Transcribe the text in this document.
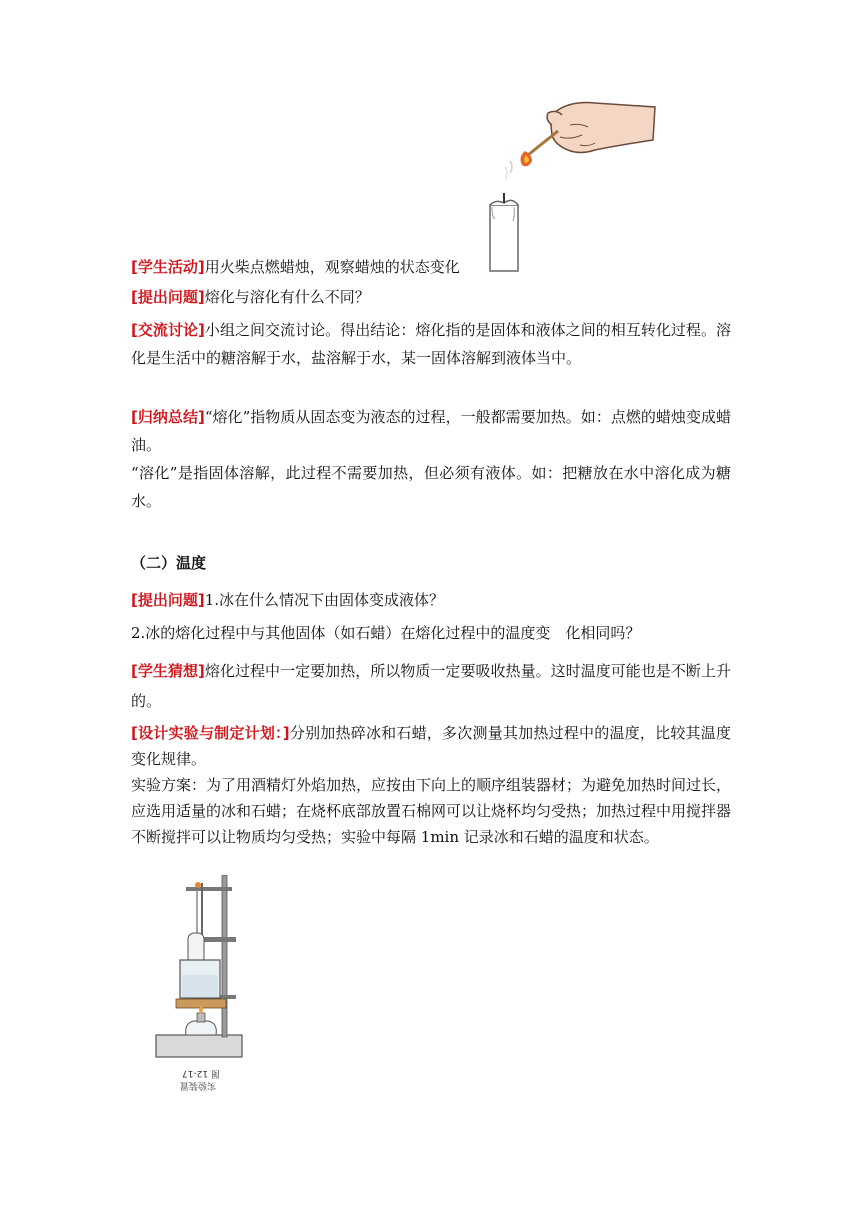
[学生活动]用火柴点燃蜡烛，观察蜡烛的状态变化

[提出问题]熔化与溶化有什么不同？

[交流讨论]小组之间交流讨论。得出结论：熔化指的是固体和液体之间的相互转化过程。溶化是生活中的糖溶解于水，盐溶解于水，某一固体溶解到液体当中。

[归纳总结]“熔化”指物质从固态变为液态的过程，一般都需要加热。如：点燃的蜡烛变成蜡油。

“溶化”是指固体溶解，此过程不需要加热，但必须有液体。如：把糖放在水中溶化成为糖水。

（二）温度

[提出问题]1.冰在什么情况下由固体变成液体？

2.冰的熔化过程中与其他固体（如石蜡）在熔化过程中的温度变　化相同吗？

[学生猜想]熔化过程中一定要加热，所以物质一定要吸收热量。这时温度可能也是不断上升的。

[设计实验与制定计划：]分别加热碎冰和石蜡，多次测量其加热过程中的温度，比较其温度变化规律。

实验方案：为了用酒精灯外焰加热，应按由下向上的顺序组装器材；为避免加热时间过长，应选用适量的冰和石蜡；在烧杯底部放置石棉网可以让烧杯均匀受热；加热过程中用搅拌器不断搅拌可以让物质均匀受热；实验中每隔 1min 记录冰和石蜡的温度和状态。

图 12-17
实验装置
